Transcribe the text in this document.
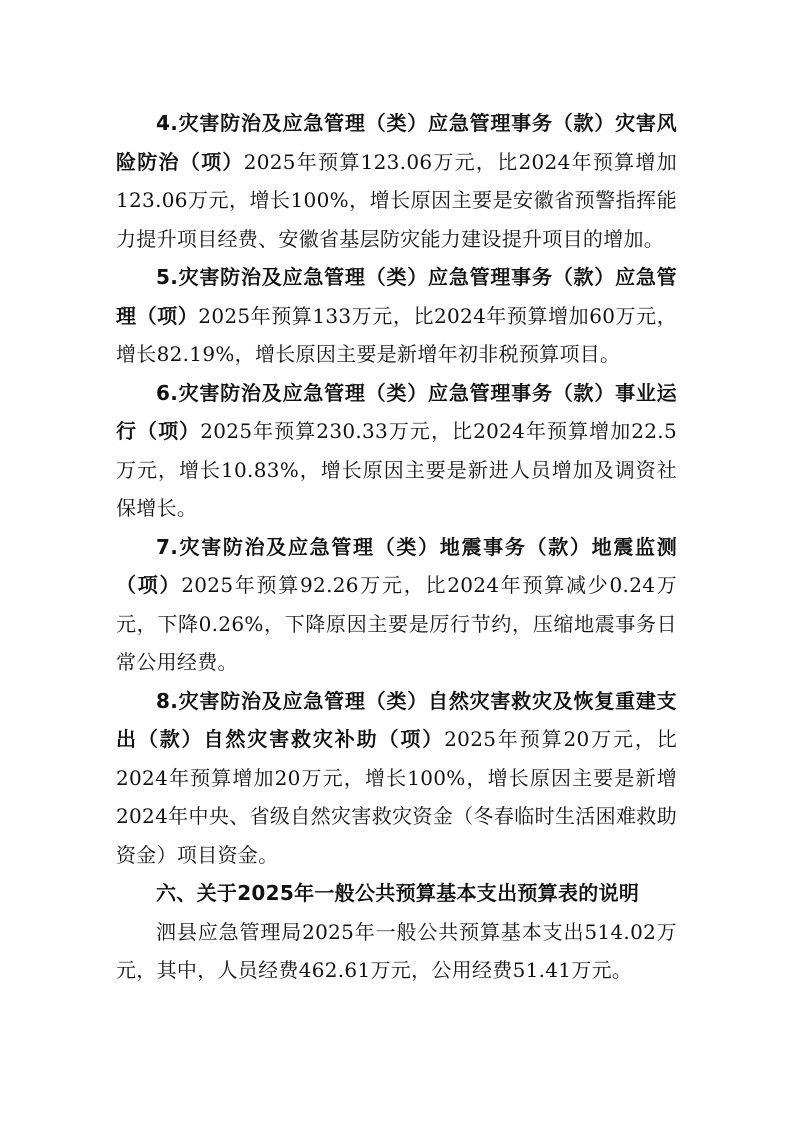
4.灾害防治及应急管理（类）应急管理事务（款）灾害风险防治（项）2025年预算123.06万元，比2024年预算增加123.06万元，增长100%，增长原因主要是安徽省预警指挥能力提升项目经费、安徽省基层防灾能力建设提升项目的增加。

5.灾害防治及应急管理（类）应急管理事务（款）应急管理（项）2025年预算133万元，比2024年预算增加60万元，增长82.19%，增长原因主要是新增年初非税预算项目。

6.灾害防治及应急管理（类）应急管理事务（款）事业运行（项）2025年预算230.33万元，比2024年预算增加22.5万元，增长10.83%，增长原因主要是新进人员增加及调资社保增长。

7.灾害防治及应急管理（类）地震事务（款）地震监测（项）2025年预算92.26万元，比2024年预算减少0.24万元，下降0.26%，下降原因主要是厉行节约，压缩地震事务日常公用经费。

8.灾害防治及应急管理（类）自然灾害救灾及恢复重建支出（款）自然灾害救灾补助（项）2025年预算20万元，比2024年预算增加20万元，增长100%，增长原因主要是新增2024年中央、省级自然灾害救灾资金（冬春临时生活困难救助资金）项目资金。

六、关于2025年一般公共预算基本支出预算表的说明

泗县应急管理局2025年一般公共预算基本支出514.02万元，其中，人员经费462.61万元，公用经费51.41万元。
